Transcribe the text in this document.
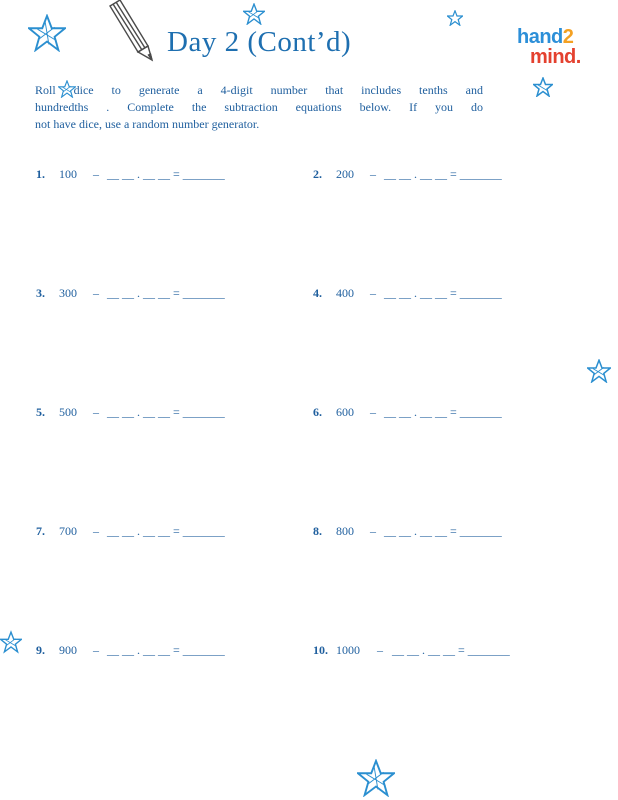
Day 2 (Cont’d)	hand2
mind.
Roll dice to generate a 4-digit number that includes tenths and
hundredths . Complete the subtraction equations below. If you do
not have dice, use a random number generator.
1. 100 – __ __ . __ __ = _______	2. 200 – __ __ . __ __ = _______
3. 300 – __ __ . __ __ = _______	4. 400 – __ __ . __ __ = _______
5. 500 – __ __ . __ __ = _______	6. 600 – __ __ . __ __ = _______
7. 700 – __ __ . __ __ = _______	8. 800 – __ __ . __ __ = _______
9. 900 – __ __ . __ __ = _______	10. 1000 – __ __ . __ __ = _______
